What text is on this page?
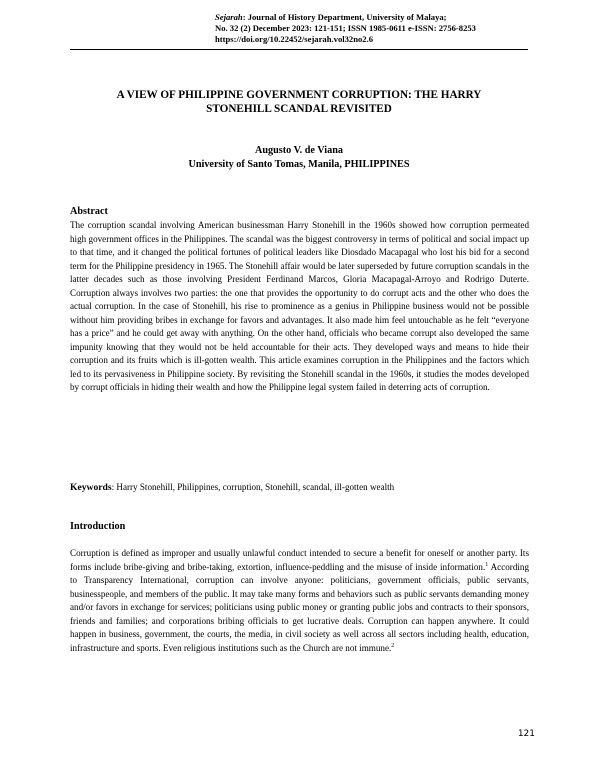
Sejarah: Journal of History Department, University of Malaya;
No. 32 (2) December 2023: 121-151; ISSN 1985-0611 e-ISSN: 2756-8253
https://doi.org/10.22452/sejarah.vol32no2.6
A VIEW OF PHILIPPINE GOVERNMENT CORRUPTION: THE HARRY
STONEHILL SCANDAL REVISITED
Augusto V. de Viana
University of Santo Tomas, Manila, PHILIPPINES
Abstract
The corruption scandal involving American businessman Harry Stonehill in the 1960s showed how corruption permeated high government offices in the Philippines. The scandal was the biggest controversy in terms of political and social impact up to that time, and it changed the political fortunes of political leaders like Diosdado Macapagal who lost his bid for a second term for the Philippine presidency in 1965. The Stonehill affair would be later superseded by future corruption scandals in the latter decades such as those involving President Ferdinand Marcos, Gloria Macapagal-Arroyo and Rodrigo Duterte. Corruption always involves two parties: the one that provides the opportunity to do corrupt acts and the other who does the actual corruption. In the case of Stonehill, his rise to prominence as a genius in Philippine business would not be possible without him providing bribes in exchange for favors and advantages. It also made him feel untouchable as he felt “everyone has a price” and he could get away with anything. On the other hand, officials who became corrupt also developed the same impunity knowing that they would not be held accountable for their acts. They developed ways and means to hide their corruption and its fruits which is ill-gotten wealth. This article examines corruption in the Philippines and the factors which led to its pervasiveness in Philippine society. By revisiting the Stonehill scandal in the 1960s, it studies the modes developed by corrupt officials in hiding their wealth and how the Philippine legal system failed in deterring acts of corruption.
Keywords: Harry Stonehill, Philippines, corruption, Stonehill, scandal, ill-gotten wealth
Introduction
Corruption is defined as improper and usually unlawful conduct intended to secure a benefit for oneself or another party. Its forms include bribe-giving and bribe-taking, extortion, influence-peddling and the misuse of inside information.$^1$ According to Transparency International, corruption can involve anyone: politicians, government officials, public servants, businesspeople, and members of the public. It may take many forms and behaviors such as public servants demanding money and/or favors in exchange for services; politicians using public money or granting public jobs and contracts to their sponsors, friends and families; and corporations bribing officials to get lucrative deals. Corruption can happen anywhere. It could happen in business, government, the courts, the media, in civil society as well across all sectors including health, education, infrastructure and sports. Even religious institutions such as the Church are not immune.$^2$
121
